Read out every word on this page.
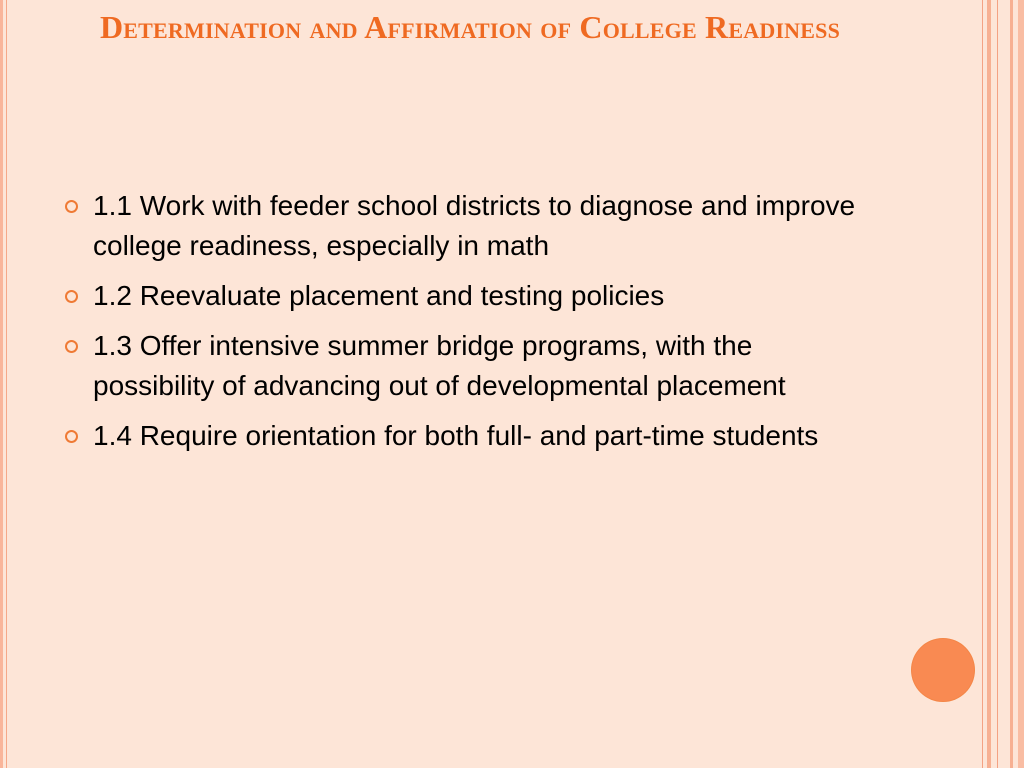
Determination and Affirmation of College Readiness
1.1 Work with feeder school districts to diagnose and improve college readiness, especially in math
1.2 Reevaluate placement and testing policies
1.3 Offer intensive summer bridge programs, with the possibility of advancing out of developmental placement
1.4 Require orientation for both full- and part-time students
